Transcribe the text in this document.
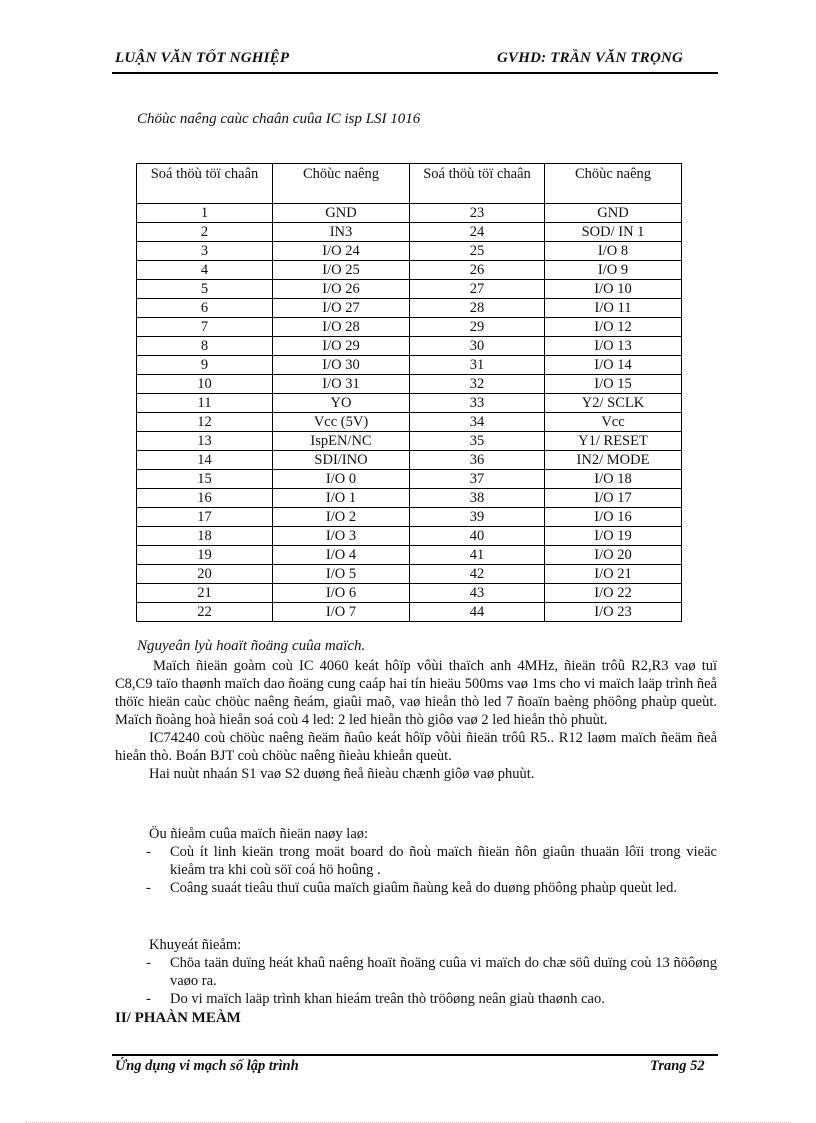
LUẬN VĂN TỐT NGHIỆP	GVHD: TRẦN VĂN TRỌNG
Chöùc naêng caùc chaân cuûa IC isp LSI 1016
Soá thöù töï chaân	Chöùc naêng	Soá thöù töï chaân	Chöùc naêng
1	GND	23	GND
2	IN3	24	SOD/ IN 1
3	I/O 24	25	I/O 8
4	I/O 25	26	I/O 9
5	I/O 26	27	I/O 10
6	I/O 27	28	I/O 11
7	I/O 28	29	I/O 12
8	I/O 29	30	I/O 13
9	I/O 30	31	I/O 14
10	I/O 31	32	I/O 15
11	YO	33	Y2/ SCLK
12	Vcc (5V)	34	Vcc
13	IspEN/NC	35	Y1/ RESET
14	SDI/INO	36	IN2/ MODE
15	I/O 0	37	I/O 18
16	I/O 1	38	I/O 17
17	I/O 2	39	I/O 16
18	I/O 3	40	I/O 19
19	I/O 4	41	I/O 20
20	I/O 5	42	I/O 21
21	I/O 6	43	I/O 22
22	I/O 7	44	I/O 23
Nguyeân lyù hoaït ñoäng cuûa maïch.

Maïch ñieän goàm coù IC 4060 keát hôïp vôùi thaïch anh 4MHz, ñieän trôû R2,R3 vaø tuï C8,C9 taïo thaønh maïch dao ñoäng cung caáp hai tín hieäu 500ms vaø 1ms cho vi maïch laäp trình ñeå thöïc hieän caùc chöùc naêng ñeám, giaûi maõ, vaø hieån thò led 7 ñoaïn baèng phöông phaùp queùt. Maïch ñoàng hoà hieån soá coù 4 led: 2 led hieån thò giôø vaø 2 led hieån thò phuùt.

IC74240 coù chöùc naêng ñeäm ñaûo keát hôïp vôùi ñieän trôû R5.. R12 laøm maïch ñeäm ñeå hieån thò. Boán BJT coù chöùc naêng ñieàu khieån queùt.

Hai nuùt nhaán S1 vaø S2 duøng ñeå ñieàu chænh giôø vaø phuùt.

Öu ñieåm cuûa maïch ñieän naøy laø:

- Coù ít linh kieän trong moät board do ñoù maïch ñieän ñôn giaûn thuaän lôïi trong vieäc kieåm tra khi coù söï coá hö hoûng .
- Coâng suaát tieâu thuï cuûa maïch giaûm ñaùng keå do duøng phöông phaùp queùt led.

Khuyeát ñieåm:

- Chöa taän duïng heát khaû naêng hoaït ñoäng cuûa vi maïch do chæ söû duïng coù 13 ñöôøng vaøo ra.
- Do vi maïch laäp trình khan hieám treân thò tröôøng neân giaù thaønh cao.
II/ PHAÀN MEÀM
Ứng dụng vi mạch số lập trình	Trang 52
